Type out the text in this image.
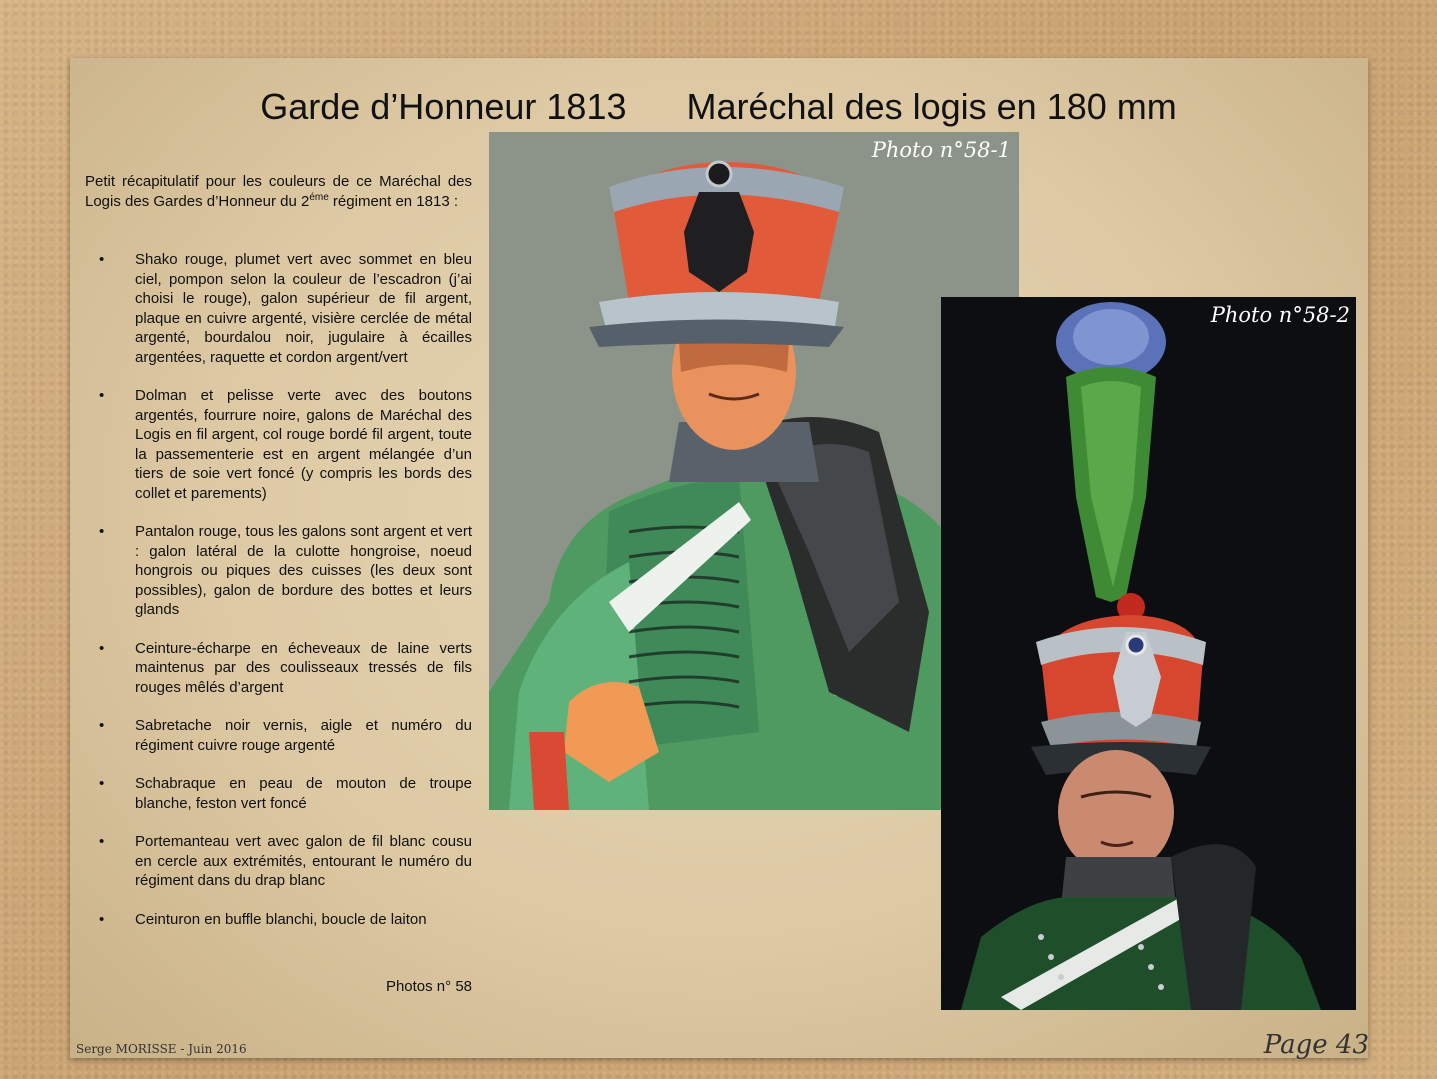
Garde d’Honneur 1813 Maréchal des logis en 180 mm
Petit récapitulatif pour les couleurs de ce Maréchal des Logis des Gardes d’Honneur du $2^{éme}$ régiment en 1813 :
• Shako rouge, plumet vert avec sommet en bleu ciel, pompon selon la couleur de l’escadron (j’ai choisi le rouge), galon supérieur de fil argent, plaque en cuivre argenté, visière cerclée de métal argenté, bourdalou noir, jugulaire à écailles argentées, raquette et cordon argent/vert
• Dolman et pelisse verte avec des boutons argentés, fourrure noire, galons de Maréchal des Logis en fil argent, col rouge bordé fil argent, toute la passementerie est en argent mélangée d’un tiers de soie vert foncé (y compris les bords des collet et parements)
• Pantalon rouge, tous les galons sont argent et vert : galon latéral de la culotte hongroise, noeud hongrois ou piques des cuisses (les deux sont possibles), galon de bordure des bottes et leurs glands
• Ceinture-écharpe en écheveaux de laine verts maintenus par des coulisseaux tressés de fils rouges mêlés d’argent
• Sabretache noir vernis, aigle et numéro du régiment cuivre rouge argenté
• Schabraque en peau de mouton de troupe blanche, feston vert foncé
• Portemanteau vert avec galon de fil blanc cousu en cercle aux extrémités, entourant le numéro du régiment dans du drap blanc
• Ceinturon en buffle blanchi, boucle de laiton
Photos n° 58
Photo n°58-1
Photo n°58-2
Serge MORISSE - Juin 2016	Page 43
